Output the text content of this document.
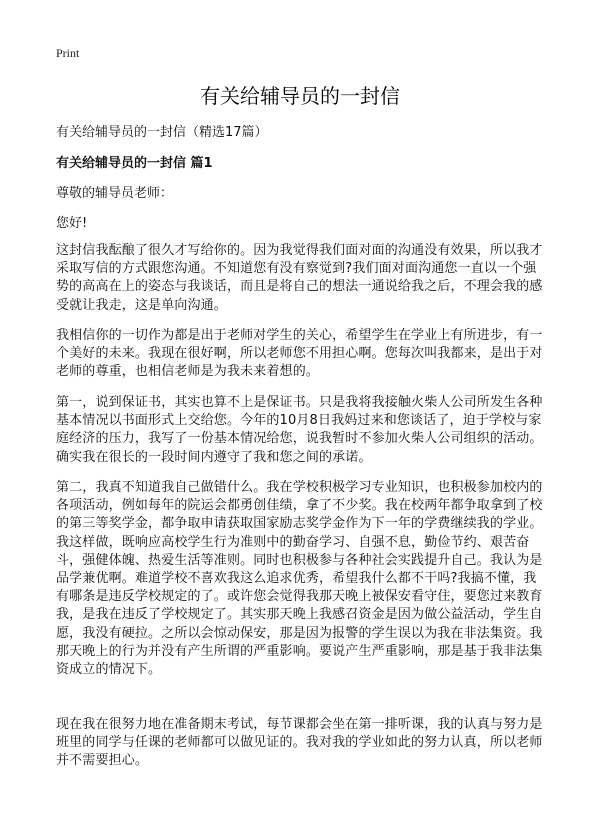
Print
有关给辅导员的一封信
有关给辅导员的一封信（精选17篇）
有关给辅导员的一封信 篇1
尊敬的辅导员老师：
您好!

这封信我酝酿了很久才写给你的。因为我觉得我们面对面的沟通没有效果，所以我才采取写信的方式跟您沟通。不知道您有没有察觉到?我们面对面沟通您一直以一个强势的高高在上的姿态与我谈话，而且是将自己的想法一通说给我之后，不理会我的感受就让我走，这是单向沟通。

我相信你的一切作为都是出于老师对学生的关心，希望学生在学业上有所进步，有一个美好的未来。我现在很好啊，所以老师您不用担心啊。您每次叫我都来，是出于对老师的尊重，也相信老师是为我未来着想的。

第一，说到保证书，其实也算不上是保证书。只是我将我接触火柴人公司所发生各种基本情况以书面形式上交给您。今年的10月8日我妈过来和您谈话了，迫于学校与家庭经济的压力，我写了一份基本情况给您，说我暂时不参加火柴人公司组织的活动。确实我在很长的一段时间内遵守了我和您之间的承诺。

第二，我真不知道我自己做错什么。我在学校积极学习专业知识，也积极参加校内的各项活动，例如每年的院运会都勇创佳绩，拿了不少奖。我在校两年都争取拿到了校的第三等奖学金，都争取申请获取国家励志奖学金作为下一年的学费继续我的学业。我这样做，既响应高校学生行为准则中的勤奋学习、自强不息，勤俭节约、艰苦奋斗，强健体魄、热爱生活等准则。同时也积极参与各种社会实践提升自己。我认为是品学兼优啊。难道学校不喜欢我这么追求优秀，希望我什么都不干吗?我搞不懂，我有哪条是违反学校规定的了。或许您会觉得我那天晚上被保安看守住，要您过来教育我，是我在违反了学校规定了。其实那天晚上我感召资金是因为做公益活动，学生自愿，我没有硬拉。之所以会惊动保安，那是因为报警的学生误以为我在非法集资。我那天晚上的行为并没有产生所谓的严重影响。要说产生严重影响，那是基于我非法集资成立的情况下。

现在我在很努力地在准备期末考试，每节课都会坐在第一排听课，我的认真与努力是班里的同学与任课的老师都可以做见证的。我对我的学业如此的努力认真，所以老师并不需要担心。
